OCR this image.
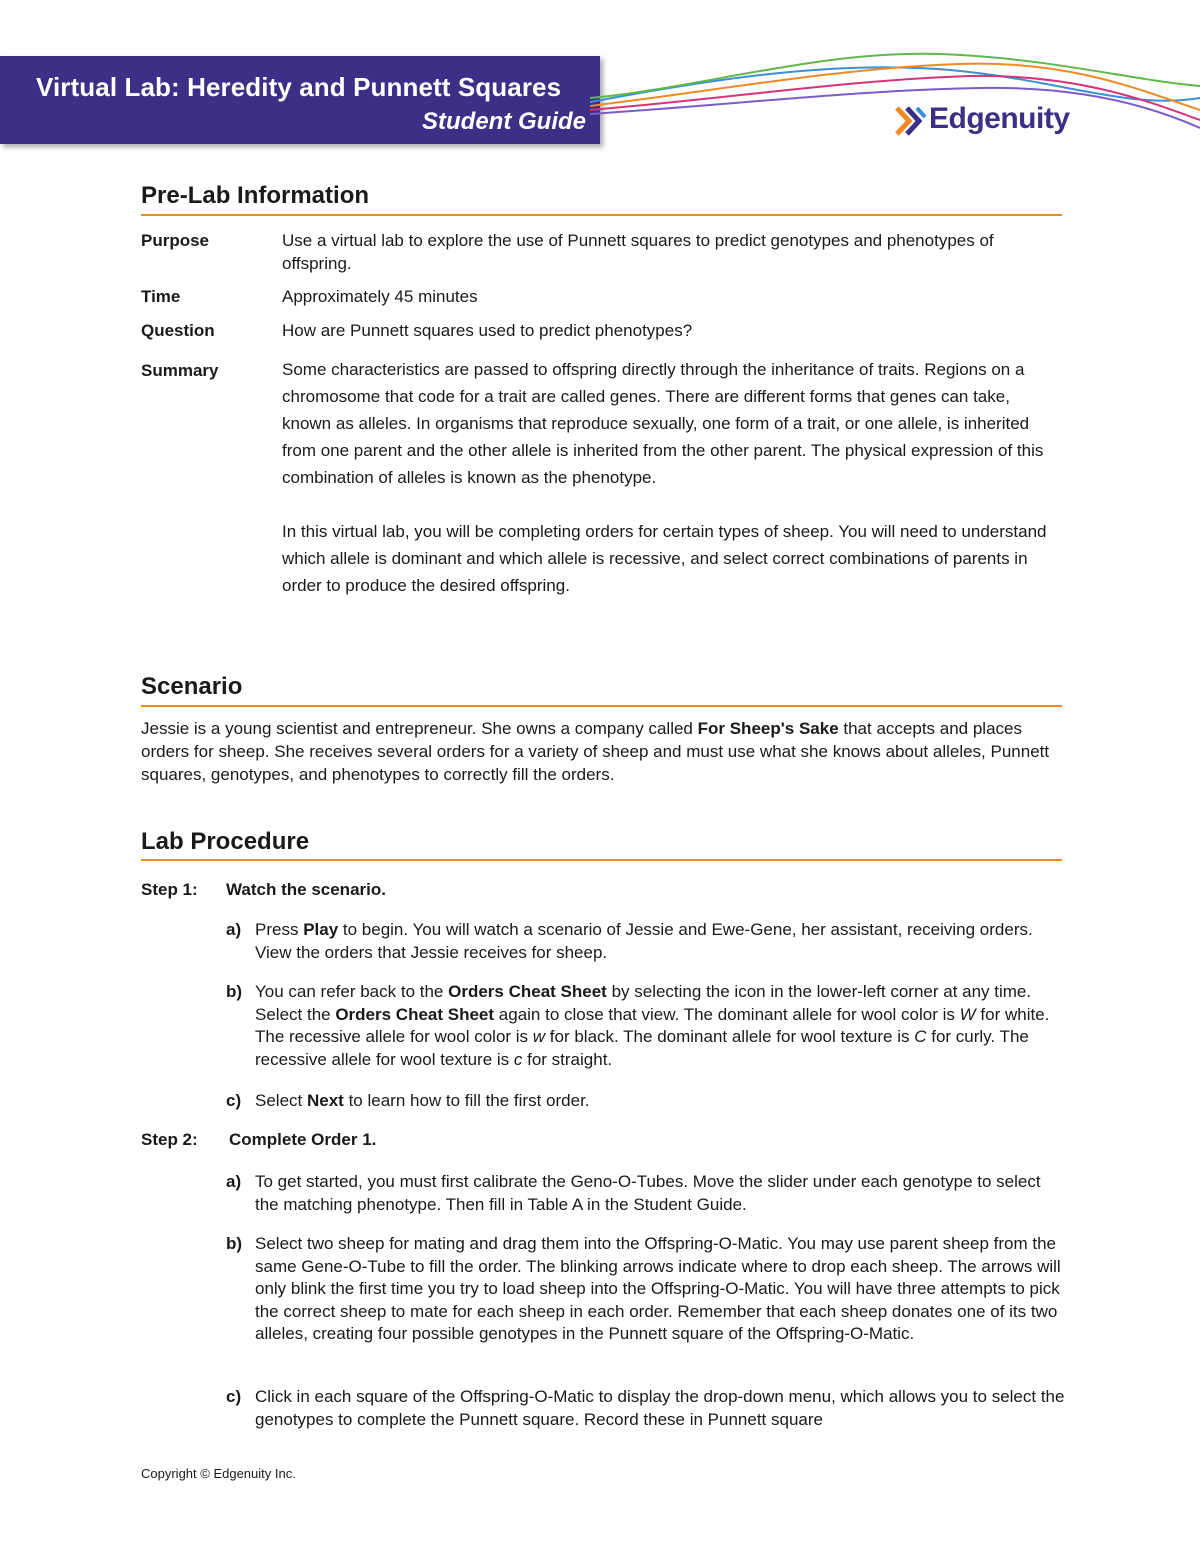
Virtual Lab: Heredity and Punnett Squares
Student Guide	Edgenuity
Pre-Lab Information
Purpose	Use a virtual lab to explore the use of Punnett squares to predict genotypes and phenotypes of offspring.
Time	Approximately 45 minutes
Question	How are Punnett squares used to predict phenotypes?
Summary	Some characteristics are passed to offspring directly through the inheritance of traits. Regions on a chromosome that code for a trait are called genes. There are different forms that genes can take, known as alleles. In organisms that reproduce sexually, one form of a trait, or one allele, is inherited from one parent and the other allele is inherited from the other parent. The physical expression of this combination of alleles is known as the phenotype.

In this virtual lab, you will be completing orders for certain types of sheep. You will need to understand which allele is dominant and which allele is recessive, and select correct combinations of parents in order to produce the desired offspring.

Scenario
Jessie is a young scientist and entrepreneur. She owns a company called For Sheep's Sake that accepts and places orders for sheep. She receives several orders for a variety of sheep and must use what she knows about alleles, Punnett squares, genotypes, and phenotypes to correctly fill the orders.
Lab Procedure
Step 1: Watch the scenario.
a) Press Play to begin. You will watch a scenario of Jessie and Ewe-Gene, her assistant, receiving orders. View the orders that Jessie receives for sheep.
b) You can refer back to the Orders Cheat Sheet by selecting the icon in the lower-left corner at any time. Select the Orders Cheat Sheet again to close that view. The dominant allele for wool color is W for white. The recessive allele for wool color is w for black. The dominant allele for wool texture is C for curly. The recessive allele for wool texture is c for straight.
c) Select Next to learn how to fill the first order.
Step 2: Complete Order 1.
a) To get started, you must first calibrate the Geno-O-Tubes. Move the slider under each genotype to select the matching phenotype. Then fill in Table A in the Student Guide.
b) Select two sheep for mating and drag them into the Offspring-O-Matic. You may use parent sheep from the same Gene-O-Tube to fill the order. The blinking arrows indicate where to drop each sheep. The arrows will only blink the first time you try to load sheep into the Offspring-O-Matic. You will have three attempts to pick the correct sheep to mate for each sheep in each order. Remember that each sheep donates one of its two alleles, creating four possible genotypes in the Punnett square of the Offspring-O-Matic.
c) Click in each square of the Offspring-O-Matic to display the drop-down menu, which allows you to select the genotypes to complete the Punnett square. Record these in Punnett square
Copyright © Edgenuity Inc.
